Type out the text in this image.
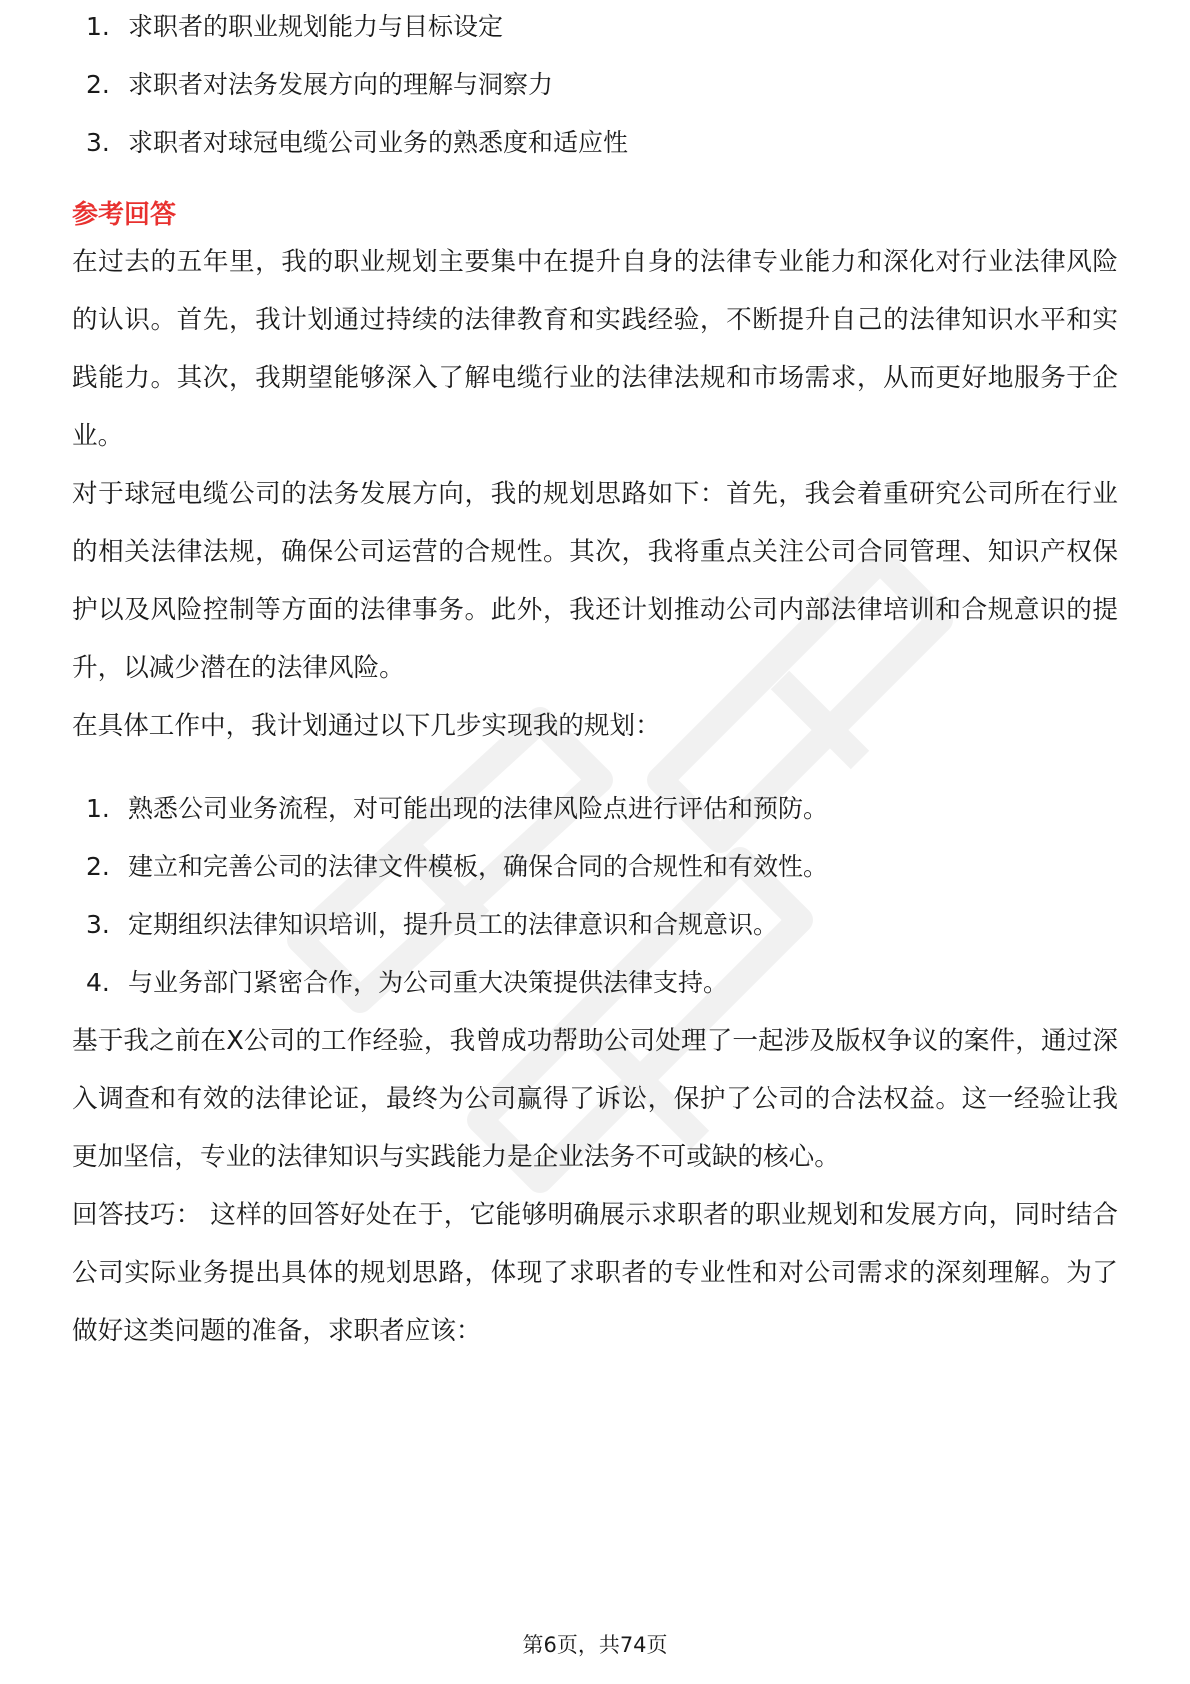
1. 求职者的职业规划能力与目标设定
2. 求职者对法务发展方向的理解与洞察力
3. 求职者对球冠电缆公司业务的熟悉度和适应性
参考回答

在过去的五年里，我的职业规划主要集中在提升自身的法律专业能力和深化对行业法律风险的认识。首先，我计划通过持续的法律教育和实践经验，不断提升自己的法律知识水平和实践能力。其次，我期望能够深入了解电缆行业的法律法规和市场需求，从而更好地服务于企业。

对于球冠电缆公司的法务发展方向，我的规划思路如下：首先，我会着重研究公司所在行业的相关法律法规，确保公司运营的合规性。其次，我将重点关注公司合同管理、知识产权保护以及风险控制等方面的法律事务。此外，我还计划推动公司内部法律培训和合规意识的提升，以减少潜在的法律风险。

在具体工作中，我计划通过以下几步实现我的规划：

1. 熟悉公司业务流程，对可能出现的法律风险点进行评估和预防。
2. 建立和完善公司的法律文件模板，确保合同的合规性和有效性。
3. 定期组织法律知识培训，提升员工的法律意识和合规意识。
4. 与业务部门紧密合作，为公司重大决策提供法律支持。

基于我之前在X公司的工作经验，我曾成功帮助公司处理了一起涉及版权争议的案件，通过深入调查和有效的法律论证，最终为公司赢得了诉讼，保护了公司的合法权益。这一经验让我更加坚信，专业的法律知识与实践能力是企业法务不可或缺的核心。

回答技巧： 这样的回答好处在于，它能够明确展示求职者的职业规划和发展方向，同时结合公司实际业务提出具体的规划思路，体现了求职者的专业性和对公司需求的深刻理解。为了做好这类问题的准备，求职者应该：

第6页，共74页
